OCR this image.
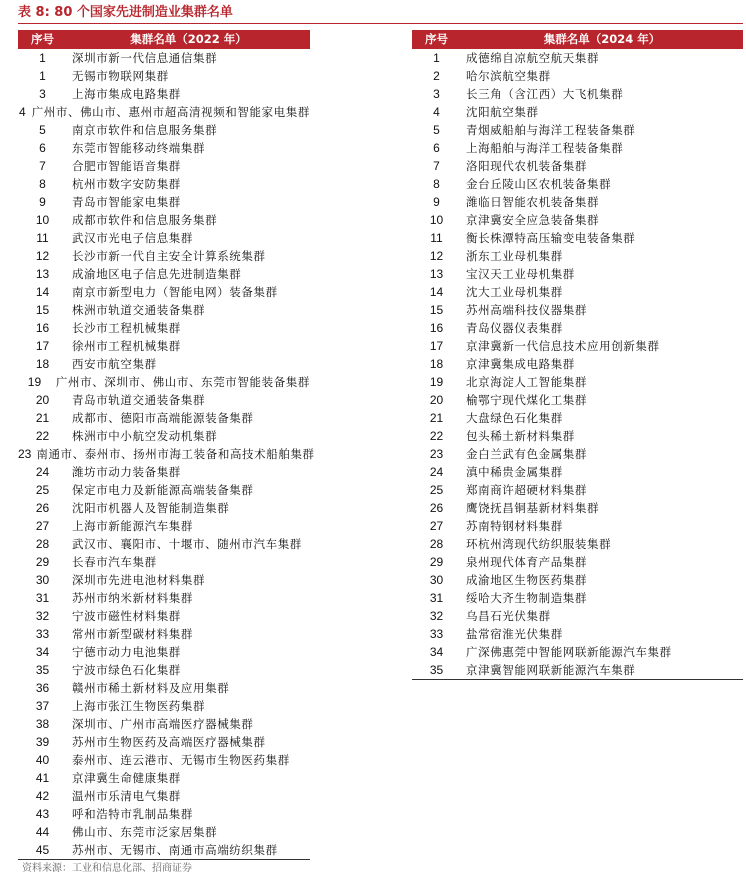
表 8: 80 个国家先进制造业集群名单
序号	集群名单（2022 年）
1	深圳市新一代信息通信集群
1	无锡市物联网集群
3	上海市集成电路集群
4 广州市、佛山市、惠州市超高清视频和智能家电集群
5	南京市软件和信息服务集群
6	东莞市智能移动终端集群
7	合肥市智能语音集群
8	杭州市数字安防集群
9	青岛市智能家电集群
10	成都市软件和信息服务集群
11	武汉市光电子信息集群
12	长沙市新一代自主安全计算系统集群
13	成渝地区电子信息先进制造集群
14	南京市新型电力（智能电网）装备集群
15	株洲市轨道交通装备集群
16	长沙市工程机械集群
17	徐州市工程机械集群
18	西安市航空集群
19	广州市、深圳市、佛山市、东莞市智能装备集群
20	青岛市轨道交通装备集群
21	成都市、德阳市高端能源装备集群
22	株洲市中小航空发动机集群
23 南通市、泰州市、扬州市海工装备和高技术船舶集群
24	潍坊市动力装备集群
25	保定市电力及新能源高端装备集群
26	沈阳市机器人及智能制造集群
27	上海市新能源汽车集群
28	武汉市、襄阳市、十堰市、随州市汽车集群
29	长春市汽车集群
30	深圳市先进电池材料集群
31	苏州市纳米新材料集群
32	宁波市磁性材料集群
33	常州市新型碳材料集群
34	宁德市动力电池集群
35	宁波市绿色石化集群
36	赣州市稀土新材料及应用集群
37	上海市张江生物医药集群
38	深圳市、广州市高端医疗器械集群
39	苏州市生物医药及高端医疗器械集群
40	泰州市、连云港市、无锡市生物医药集群
41	京津冀生命健康集群
42	温州市乐清电气集群
43	呼和浩特市乳制品集群
44	佛山市、东莞市泛家居集群
45	苏州市、无锡市、南通市高端纺织集群
序号	集群名单（2024 年）
1	成德绵自凉航空航天集群
2	哈尔滨航空集群
3	长三角（含江西）大飞机集群
4	沈阳航空集群
5	青烟威船舶与海洋工程装备集群
6	上海船舶与海洋工程装备集群
7	洛阳现代农机装备集群
8	金台丘陵山区农机装备集群
9	潍临日智能农机装备集群
10	京津冀安全应急装备集群
11	衡长株潭特高压输变电装备集群
12	浙东工业母机集群
13	宝汉天工业母机集群
14	沈大工业母机集群
15	苏州高端科技仪器集群
16	青岛仪器仪表集群
17	京津冀新一代信息技术应用创新集群
18	京津冀集成电路集群
19	北京海淀人工智能集群
20	榆鄂宁现代煤化工集群
21	大盘绿色石化集群
22	包头稀土新材料集群
23	金白兰武有色金属集群
24	滇中稀贵金属集群
25	郑南商许超硬材料集群
26	鹰饶抚昌铜基新材料集群
27	苏南特钢材料集群
28	环杭州湾现代纺织服装集群
29	泉州现代体育产品集群
30	成渝地区生物医药集群
31	绥哈大齐生物制造集群
32	乌昌石光伏集群
33	盐常宿淮光伏集群
34	广深佛惠莞中智能网联新能源汽车集群
35	京津冀智能网联新能源汽车集群
资料来源：工业和信息化部、招商证券
